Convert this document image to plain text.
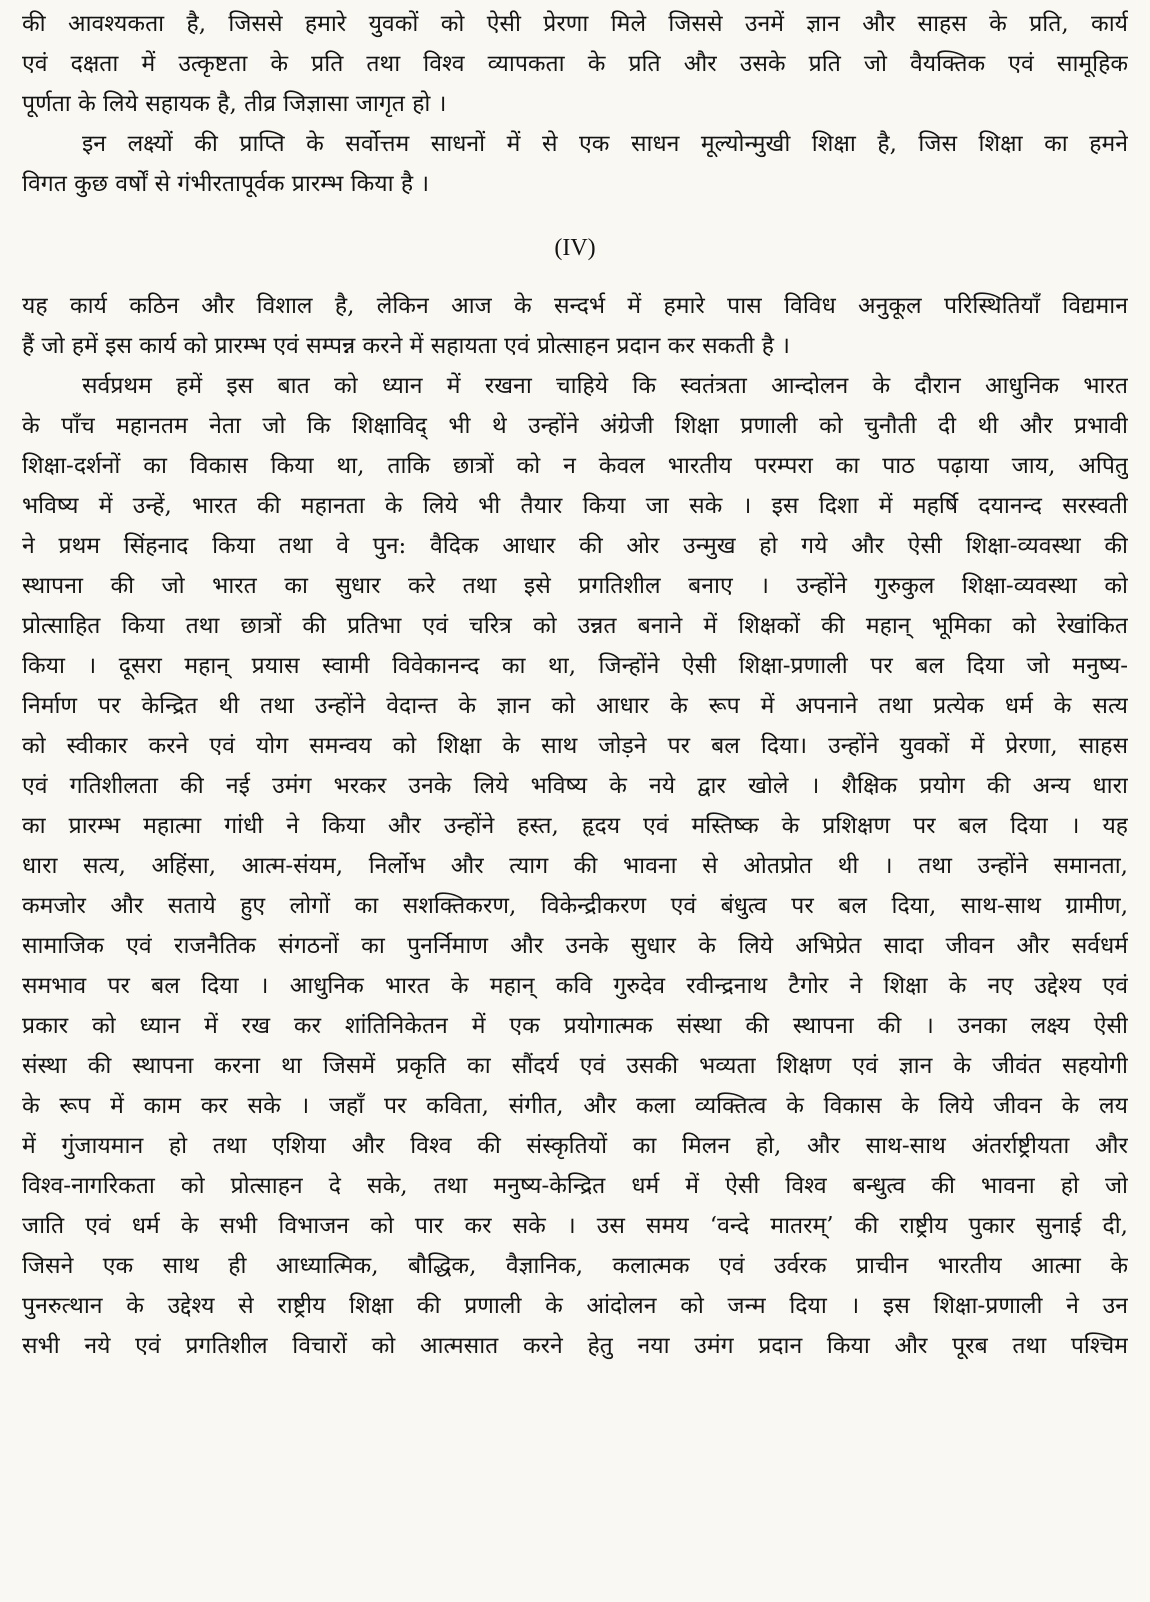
की आवश्यकता है, जिससे हमारे युवकों को ऐसी प्रेरणा मिले जिससे उनमें ज्ञान और साहस के प्रति, कार्य
एवं दक्षता में उत्कृष्टता के प्रति तथा विश्व व्यापकता के प्रति और उसके प्रति जो वैयक्तिक एवं सामूहिक
पूर्णता के लिये सहायक है, तीव्र जिज्ञासा जागृत हो ।
इन लक्ष्यों की प्राप्ति के सर्वोत्तम साधनों में से एक साधन मूल्योन्मुखी शिक्षा है, जिस शिक्षा का हमने
विगत कुछ वर्षों से गंभीरतापूर्वक प्रारम्भ किया है ।
(IV)
यह कार्य कठिन और विशाल है, लेकिन आज के सन्दर्भ में हमारे पास विविध अनुकूल परिस्थितियाँ विद्यमान
हैं जो हमें इस कार्य को प्रारम्भ एवं सम्पन्न करने में सहायता एवं प्रोत्साहन प्रदान कर सकती है ।
सर्वप्रथम हमें इस बात को ध्यान में रखना चाहिये कि स्वतंत्रता आन्दोलन के दौरान आधुनिक भारत
के पाँच महानतम नेता जो कि शिक्षाविद् भी थे उन्होंने अंग्रेजी शिक्षा प्रणाली को चुनौती दी थी और प्रभावी
शिक्षा-दर्शनों का विकास किया था, ताकि छात्रों को न केवल भारतीय परम्परा का पाठ पढ़ाया जाय, अपितु
भविष्य में उन्हें, भारत की महानता के लिये भी तैयार किया जा सके । इस दिशा में महर्षि दयानन्द सरस्वती
ने प्रथम सिंहनाद किया तथा वे पुन: वैदिक आधार की ओर उन्मुख हो गये और ऐसी शिक्षा-व्यवस्था की
स्थापना की जो भारत का सुधार करे तथा इसे प्रगतिशील बनाए । उन्होंने गुरुकुल शिक्षा-व्यवस्था को
प्रोत्साहित किया तथा छात्रों की प्रतिभा एवं चरित्र को उन्नत बनाने में शिक्षकों की महान् भूमिका को रेखांकित
किया । दूसरा महान् प्रयास स्वामी विवेकानन्द का था, जिन्होंने ऐसी शिक्षा-प्रणाली पर बल दिया जो मनुष्य-
निर्माण पर केन्द्रित थी तथा उन्होंने वेदान्त के ज्ञान को आधार के रूप में अपनाने तथा प्रत्येक धर्म के सत्य
को स्वीकार करने एवं योग समन्वय को शिक्षा के साथ जोड़ने पर बल दिया। उन्होंने युवकों में प्रेरणा, साहस
एवं गतिशीलता की नई उमंग भरकर उनके लिये भविष्य के नये द्वार खोले । शैक्षिक प्रयोग की अन्य धारा
का प्रारम्भ महात्मा गांधी ने किया और उन्होंने हस्त, हृदय एवं मस्तिष्क के प्रशिक्षण पर बल दिया । यह
धारा सत्य, अहिंसा, आत्म-संयम, निर्लोभ और त्याग की भावना से ओतप्रोत थी । तथा उन्होंने समानता,
कमजोर और सताये हुए लोगों का सशक्तिकरण, विकेन्द्रीकरण एवं बंधुत्व पर बल दिया, साथ-साथ ग्रामीण,
सामाजिक एवं राजनैतिक संगठनों का पुनर्निमाण और उनके सुधार के लिये अभिप्रेत सादा जीवन और सर्वधर्म
समभाव पर बल दिया । आधुनिक भारत के महान् कवि गुरुदेव रवीन्द्रनाथ टैगोर ने शिक्षा के नए उद्देश्य एवं
प्रकार को ध्यान में रख कर शांतिनिकेतन में एक प्रयोगात्मक संस्था की स्थापना की । उनका लक्ष्य ऐसी
संस्था की स्थापना करना था जिसमें प्रकृति का सौंदर्य एवं उसकी भव्यता शिक्षण एवं ज्ञान के जीवंत सहयोगी
के रूप में काम कर सके । जहाँ पर कविता, संगीत, और कला व्यक्तित्व के विकास के लिये जीवन के लय
में गुंजायमान हो तथा एशिया और विश्व की संस्कृतियों का मिलन हो, और साथ-साथ अंतर्राष्ट्रीयता और
विश्व-नागरिकता को प्रोत्साहन दे सके, तथा मनुष्य-केन्द्रित धर्म में ऐसी विश्व बन्धुत्व की भावना हो जो
जाति एवं धर्म के सभी विभाजन को पार कर सके । उस समय ‘वन्दे मातरम्’ की राष्ट्रीय पुकार सुनाई दी,
जिसने एक साथ ही आध्यात्मिक, बौद्धिक, वैज्ञानिक, कलात्मक एवं उर्वरक प्राचीन भारतीय आत्मा के
पुनरुत्थान के उद्देश्य से राष्ट्रीय शिक्षा की प्रणाली के आंदोलन को जन्म दिया । इस शिक्षा-प्रणाली ने उन
सभी नये एवं प्रगतिशील विचारों को आत्मसात करने हेतु नया उमंग प्रदान किया और पूरब तथा पश्चिम
